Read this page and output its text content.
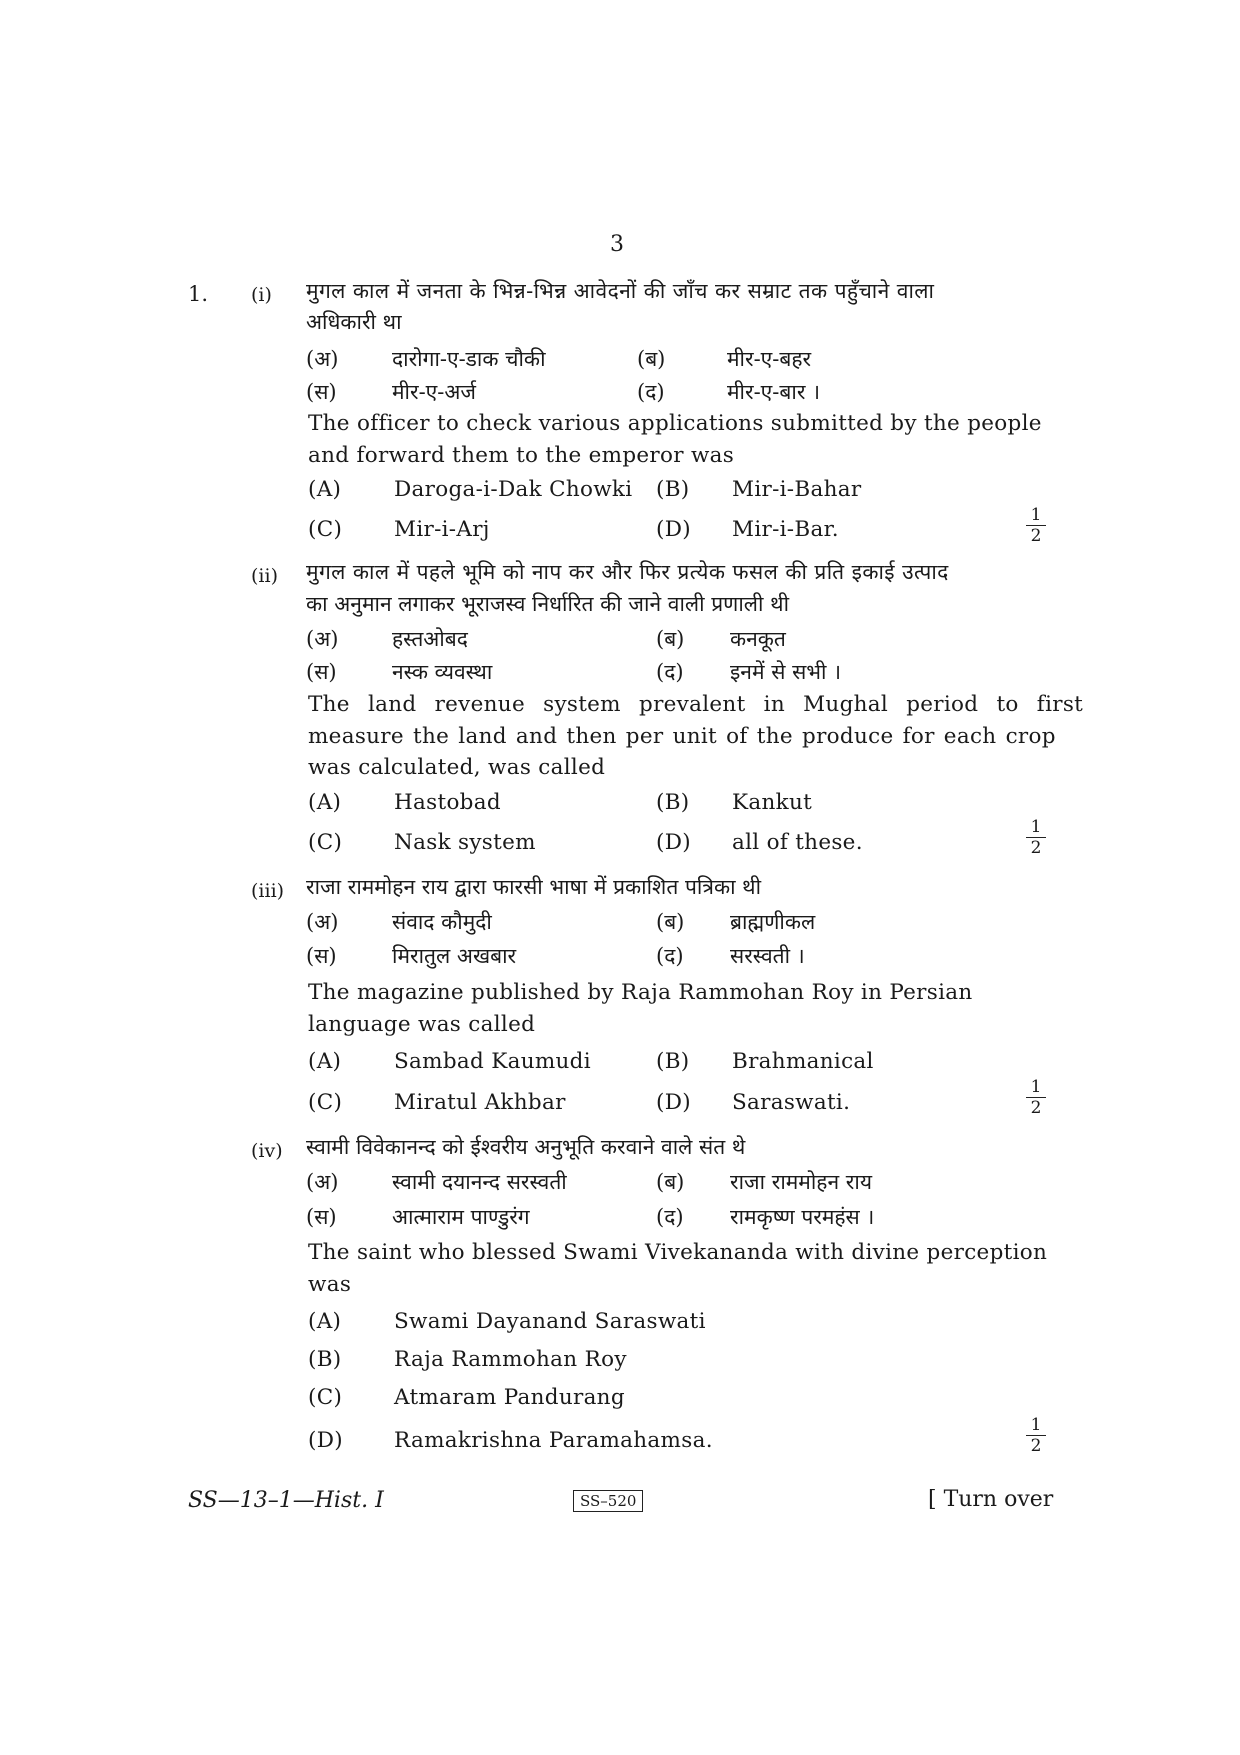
3
1. (i) मुगल काल में जनता के भिन्न-भिन्न आवेदनों की जाँच कर सम्राट तक पहुँचाने वाला
अधिकारी था
(अ)	दारोगा-ए-डाक चौकी	(ब)	मीर-ए-बहर
(स)	मीर-ए-अर्ज	(द)	मीर-ए-बार ।
The officer to check various applications submitted by the people
and forward them to the emperor was
(A) Daroga-i-Dak Chowki (B) Mir-i-Bahar
(C) Mir-i-Arj	(D) Mir-i-Bar.
1
2
(ii) मुगल काल में पहले भूमि को नाप कर और फिर प्रत्येक फसल की प्रति इकाई उत्पाद
का अनुमान लगाकर भूराजस्व निर्धारित की जाने वाली प्रणाली थी
(अ)	हस्तओबद	(ब) कनकूत
(स)	नस्क व्यवस्था	(द) इनमें से सभी ।
The land revenue system prevalent in Mughal period to first
measure the land and then per unit of the produce for each crop
was calculated, was called
(A) Hastobad	(B) Kankut
(C) Nask system	(D) all of these.
1
2
(iii) राजा राममोहन राय द्वारा फारसी भाषा में प्रकाशित पत्रिका थी
(अ)	संवाद कौमुदी	(ब) ब्राह्मणीकल
(स)	मिरातुल अखबार	(द) सरस्वती ।
The magazine published by Raja Rammohan Roy in Persian
language was called
(A) Sambad Kaumudi	(B) Brahmanical
(C) Miratul Akhbar	(D) Saraswati.
1
2
(iv) स्वामी विवेकानन्द को ईश्वरीय अनुभूति करवाने वाले संत थे
(अ)	स्वामी दयानन्द सरस्वती	(ब) राजा राममोहन राय
(स)	आत्माराम पाण्डुरंग	(द) रामकृष्ण परमहंस ।
The saint who blessed Swami Vivekananda with divine perception
was
(A) Swami Dayanand Saraswati
(B) Raja Rammohan Roy
(C) Atmaram Pandurang
(D) Ramakrishna Paramahamsa.
1
2
SS—13–1—Hist. I	SS–520	[ Turn over
